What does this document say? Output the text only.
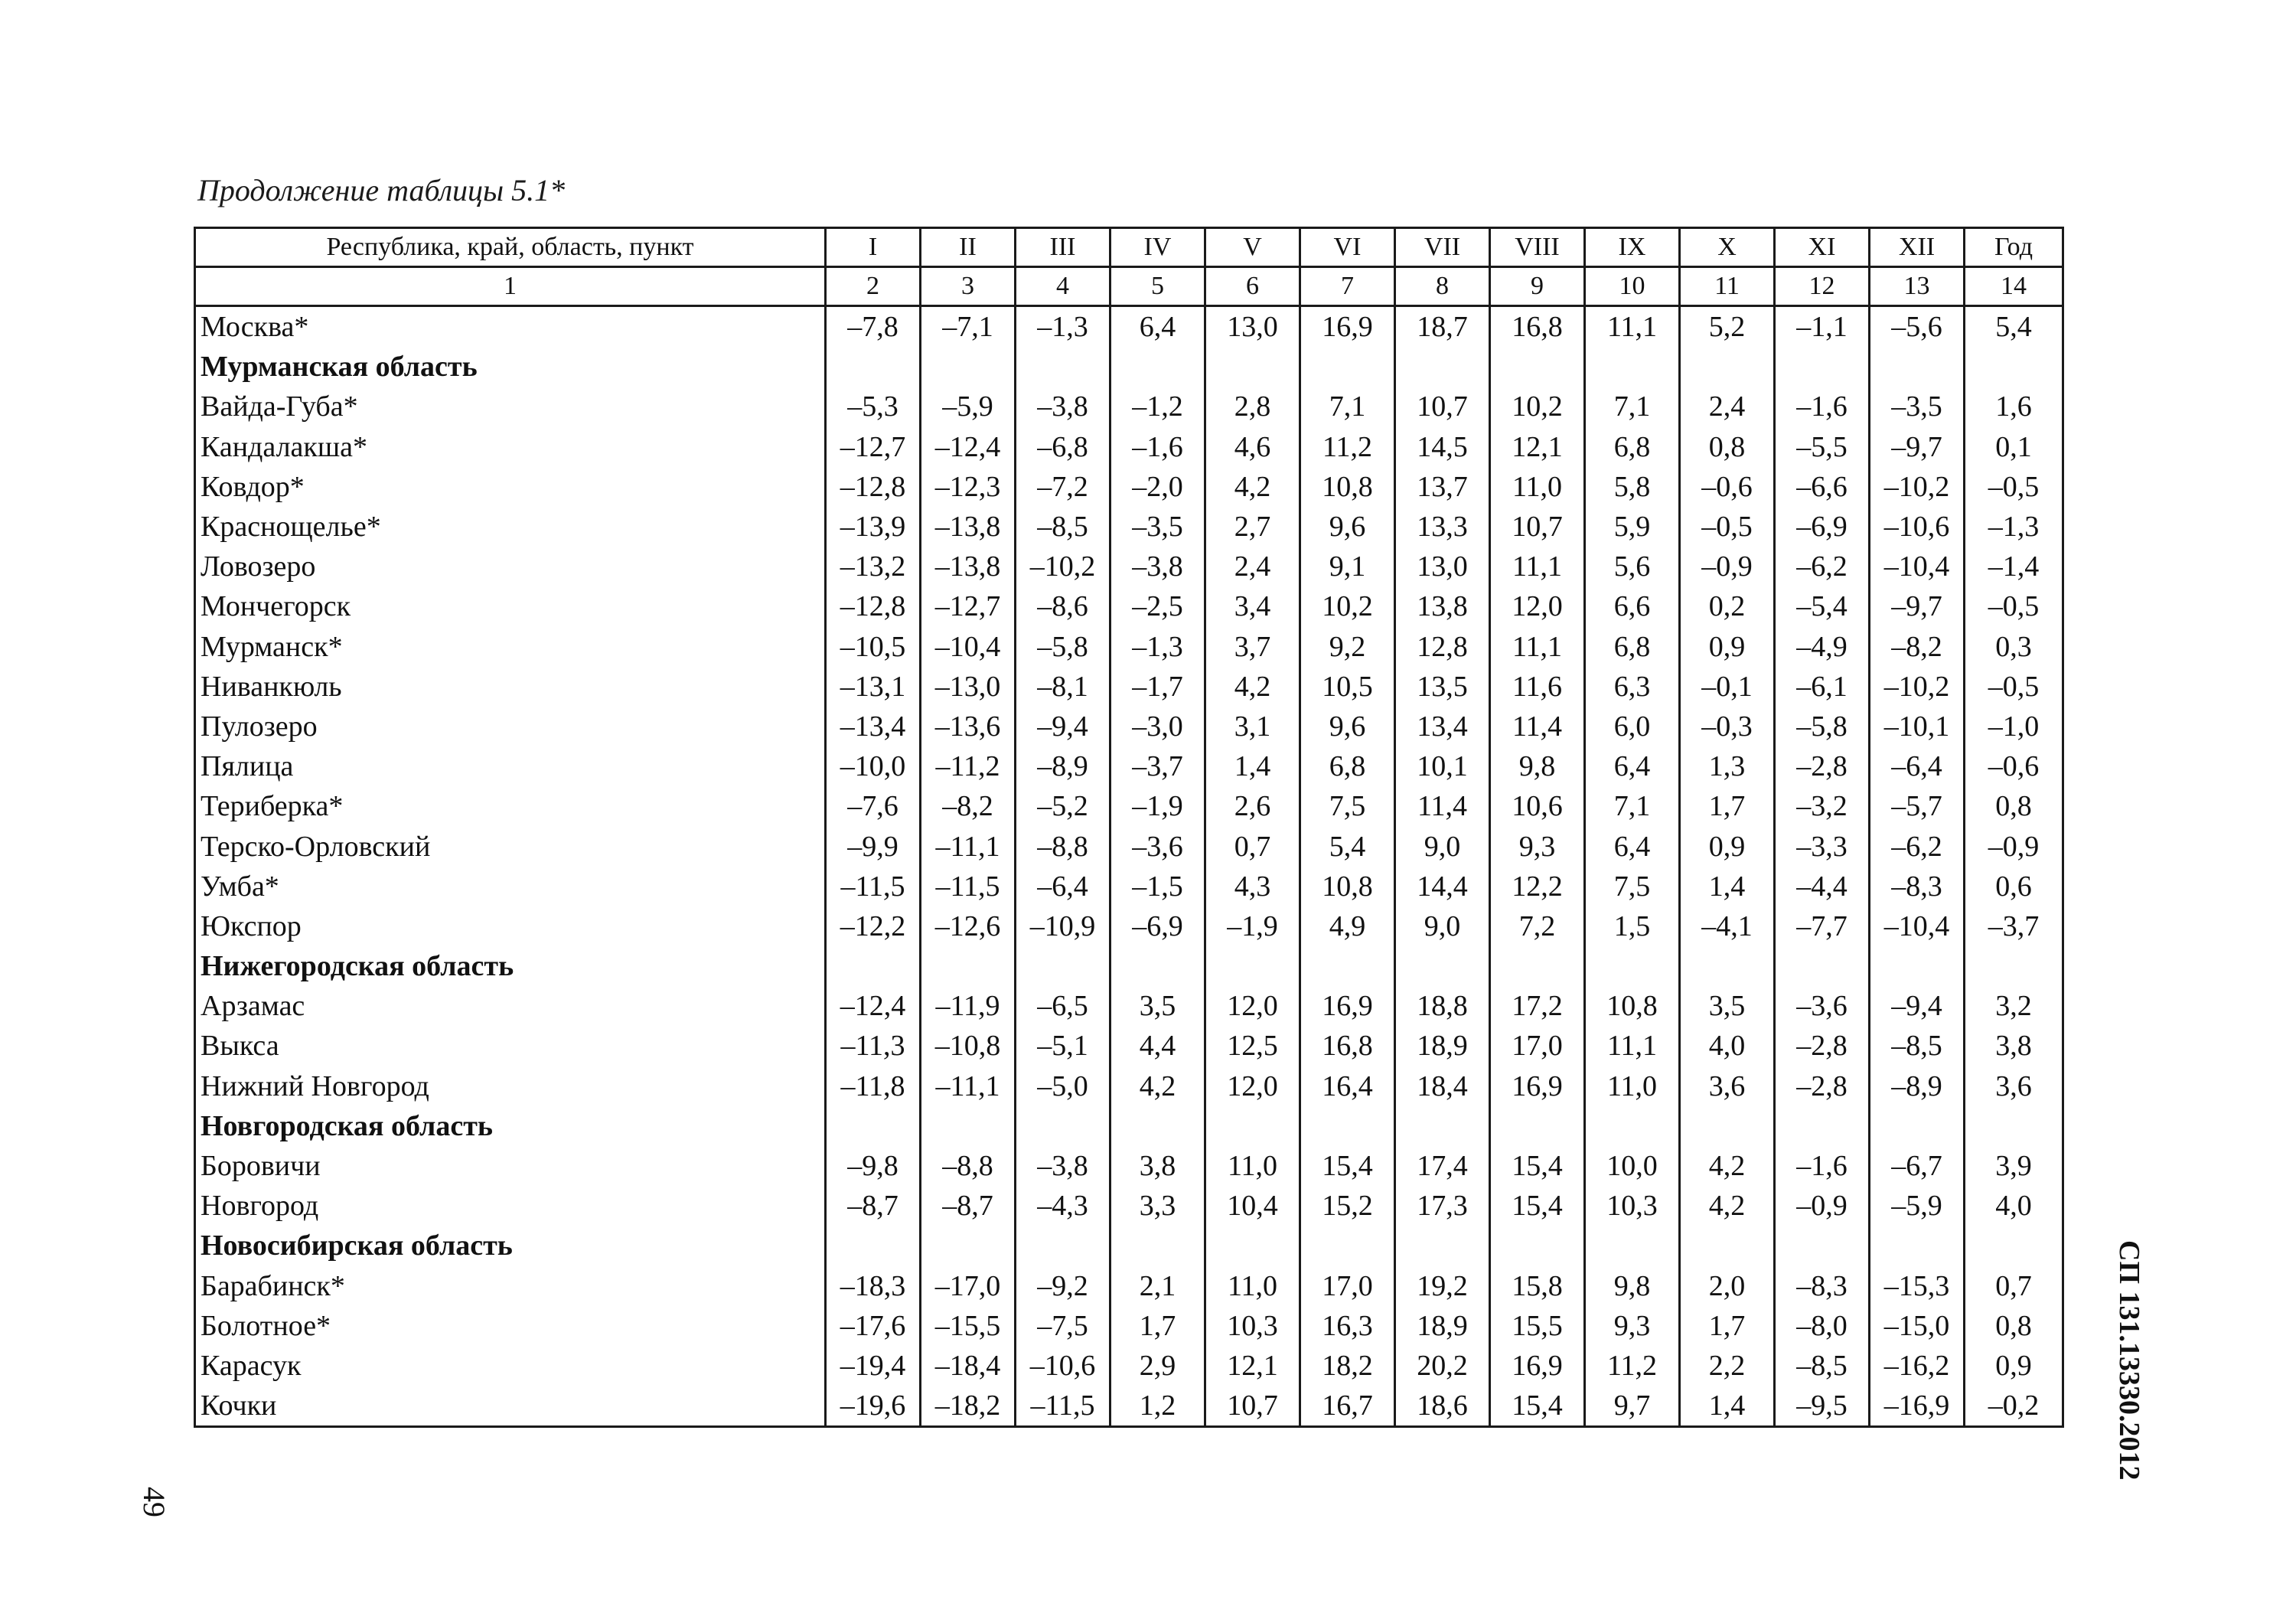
Продолжение таблицы 5.1*
Республика, край, область, пункт	I	II	III	IV	V	VI	VII	VIII	IX	X	XI	XII	Год
1	2	3	4	5	6	7	8	9	10	11	12	13	14
Москва*	–7,8	–7,1	–1,3	6,4	13,0	16,9	18,7	16,8	11,1	5,2	–1,1	–5,6	5,4
Мурманская область													
Вайда-Губа*	–5,3	–5,9	–3,8	–1,2	2,8	7,1	10,7	10,2	7,1	2,4	–1,6	–3,5	1,6
Кандалакша*	–12,7	–12,4	–6,8	–1,6	4,6	11,2	14,5	12,1	6,8	0,8	–5,5	–9,7	0,1
Ковдор*	–12,8	–12,3	–7,2	–2,0	4,2	10,8	13,7	11,0	5,8	–0,6	–6,6	–10,2	–0,5
Краснощелье*	–13,9	–13,8	–8,5	–3,5	2,7	9,6	13,3	10,7	5,9	–0,5	–6,9	–10,6	–1,3
Ловозеро	–13,2	–13,8	–10,2	–3,8	2,4	9,1	13,0	11,1	5,6	–0,9	–6,2	–10,4	–1,4
Мончегорск	–12,8	–12,7	–8,6	–2,5	3,4	10,2	13,8	12,0	6,6	0,2	–5,4	–9,7	–0,5
Мурманск*	–10,5	–10,4	–5,8	–1,3	3,7	9,2	12,8	11,1	6,8	0,9	–4,9	–8,2	0,3
Ниванкюль	–13,1	–13,0	–8,1	–1,7	4,2	10,5	13,5	11,6	6,3	–0,1	–6,1	–10,2	–0,5
Пулозеро	–13,4	–13,6	–9,4	–3,0	3,1	9,6	13,4	11,4	6,0	–0,3	–5,8	–10,1	–1,0
Пялица	–10,0	–11,2	–8,9	–3,7	1,4	6,8	10,1	9,8	6,4	1,3	–2,8	–6,4	–0,6
Териберка*	–7,6	–8,2	–5,2	–1,9	2,6	7,5	11,4	10,6	7,1	1,7	–3,2	–5,7	0,8
Терско-Орловский	–9,9	–11,1	–8,8	–3,6	0,7	5,4	9,0	9,3	6,4	0,9	–3,3	–6,2	–0,9
Умба*	–11,5	–11,5	–6,4	–1,5	4,3	10,8	14,4	12,2	7,5	1,4	–4,4	–8,3	0,6
Юкспор	–12,2	–12,6	–10,9	–6,9	–1,9	4,9	9,0	7,2	1,5	–4,1	–7,7	–10,4	–3,7
Нижегородская область													
Арзамас	–12,4	–11,9	–6,5	3,5	12,0	16,9	18,8	17,2	10,8	3,5	–3,6	–9,4	3,2
Выкса	–11,3	–10,8	–5,1	4,4	12,5	16,8	18,9	17,0	11,1	4,0	–2,8	–8,5	3,8
Нижний Новгород	–11,8	–11,1	–5,0	4,2	12,0	16,4	18,4	16,9	11,0	3,6	–2,8	–8,9	3,6
Новгородская область													
Боровичи	–9,8	–8,8	–3,8	3,8	11,0	15,4	17,4	15,4	10,0	4,2	–1,6	–6,7	3,9
Новгород	–8,7	–8,7	–4,3	3,3	10,4	15,2	17,3	15,4	10,3	4,2	–0,9	–5,9	4,0
Новосибирская область													
Барабинск*	–18,3	–17,0	–9,2	2,1	11,0	17,0	19,2	15,8	9,8	2,0	–8,3	–15,3	0,7
Болотное*	–17,6	–15,5	–7,5	1,7	10,3	16,3	18,9	15,5	9,3	1,7	–8,0	–15,0	0,8
Карасук	–19,4	–18,4	–10,6	2,9	12,1	18,2	20,2	16,9	11,2	2,2	–8,5	–16,2	0,9
Кочки	–19,6	–18,2	–11,5	1,2	10,7	16,7	18,6	15,4	9,7	1,4	–9,5	–16,9	–0,2	СП 131.13330.2012
49
